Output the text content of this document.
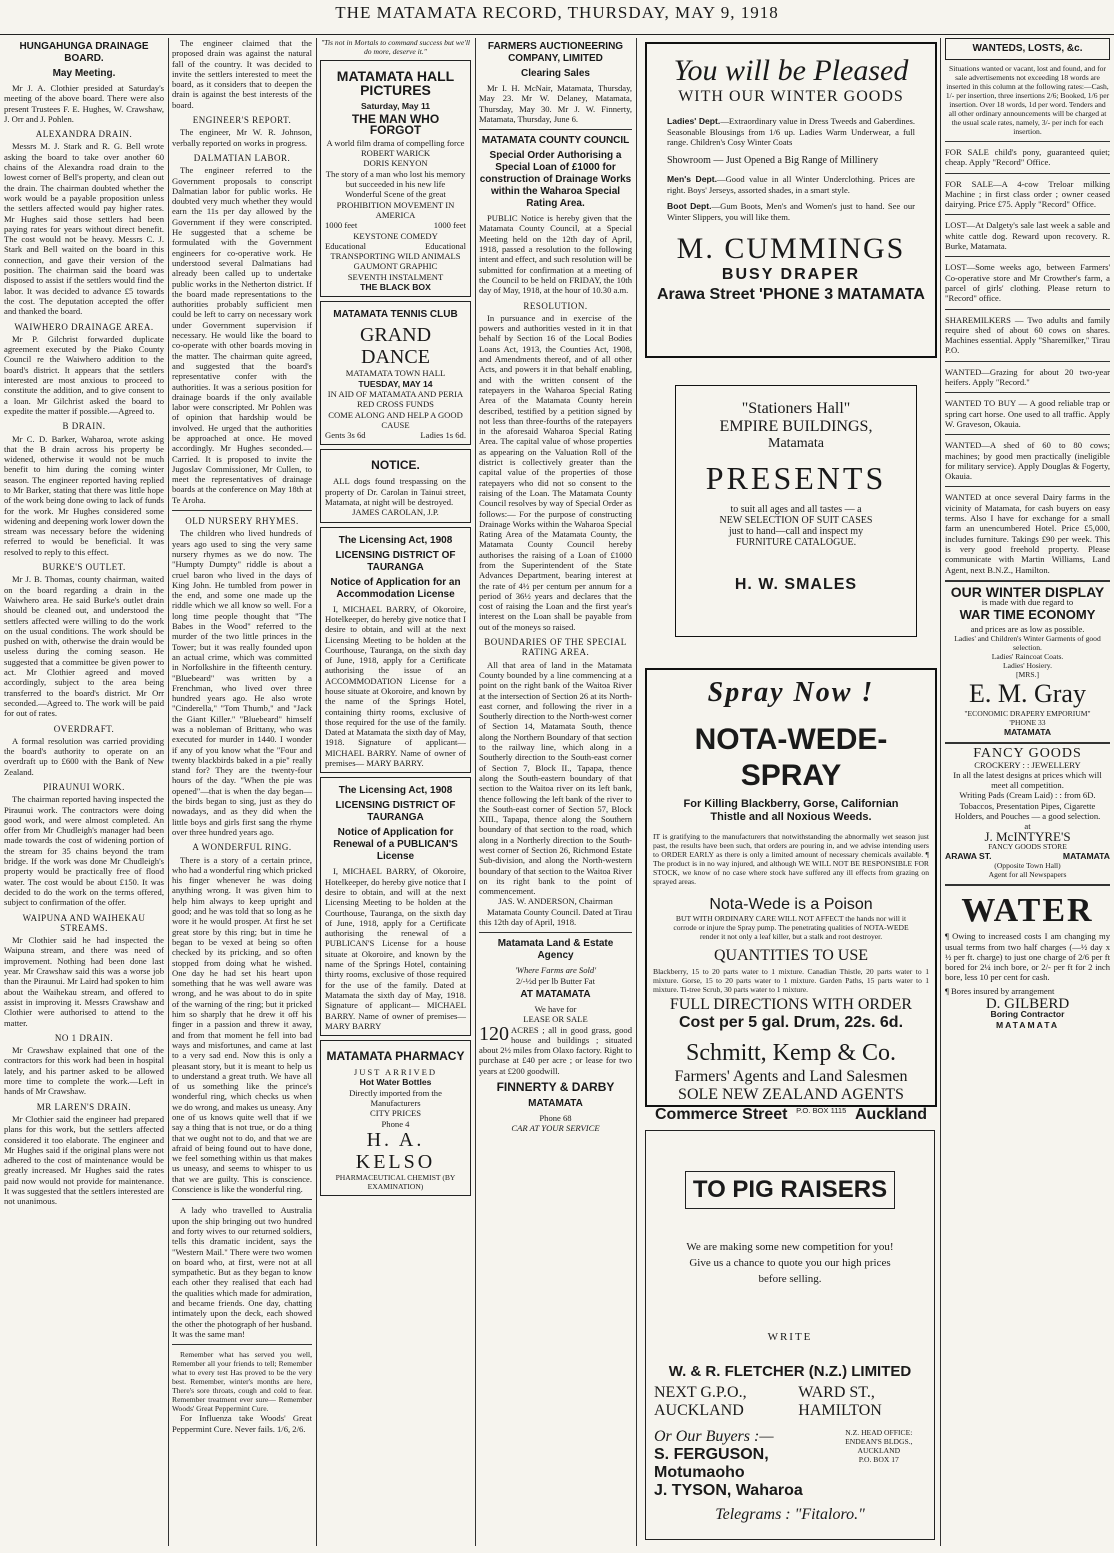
THE MATAMATA RECORD, THURSDAY, MAY 9, 1918
HUNGAHUNGA DRAINAGE BOARD.
May Meeting.

Mr J. A. Clothier presided at Saturday's meeting of the above board. There were also present Trustees F. E. Hughes, W. Crawshaw, J. Orr and J. Pohlen.

ALEXANDRA DRAIN.

Messrs M. J. Stark and R. G. Bell wrote asking the board to take over another 60 chains of the Alexandra road drain to the lowest corner of Bell's property, and clean out the drain. The chairman doubted whether the work would be a payable proposition unless the settlers affected would pay higher rates. Mr Hughes said those settlers had been paying rates for years without direct benefit. The cost would not be heavy. Messrs C. J. Stark and Bell waited on the board in this connection, and gave their version of the position. The chairman said the board was disposed to assist if the settlers would find the labor. It was decided to advance £5 towards the cost. The deputation accepted the offer and thanked the board.

WAIWHERO DRAINAGE AREA.

Mr P. Gilchrist forwarded duplicate agreement executed by the Piako County Council re the Waiwhero addition to the board's district. It appears that the settlers interested are most anxious to proceed to constitute the addition, and to give consent to a loan. Mr Gilchrist asked the board to expedite the matter if possible.—Agreed to.

B DRAIN.

Mr C. D. Barker, Waharoa, wrote asking that the B drain across his property be widened, otherwise it would not be much benefit to him during the coming winter season. The engineer reported having replied to Mr Barker, stating that there was little hope of the work being done owing to lack of funds for the work. Mr Hughes considered some widening and deepening work lower down the stream was necessary before the widening referred to would be beneficial. It was resolved to reply to this effect.

BURKE'S OUTLET.

Mr J. B. Thomas, county chairman, waited on the board regarding a drain in the Waiwhero area. He said Burke's outlet drain should be cleaned out, and understood the settlers affected were willing to do the work on the usual conditions. The work should be pushed on with, otherwise the drain would be useless during the coming season. He suggested that a committee be given power to act. Mr Clothier agreed and moved accordingly, subject to the area being transferred to the board's district. Mr Orr seconded.—Agreed to. The work will be paid for out of rates.

OVERDRAFT.

A formal resolution was carried providing the board's authority to operate on an overdraft up to £600 with the Bank of New Zealand.

PIRAUNUI WORK.

The chairman reported having inspected the Piraunui work. The contractors were doing good work, and were almost completed. An offer from Mr Chudleigh's manager had been made towards the cost of widening portion of the stream for 35 chains beyond the tram bridge. If the work was done Mr Chudleigh's property would be practically free of flood water. The cost would be about £150. It was decided to do the work on the terms offered, subject to confirmation of the offer.

WAIPUNA AND WAIHEKAU STREAMS.

Mr Clothier said he had inspected the Waipuna stream, and there was need of improvement. Nothing had been done last year. Mr Crawshaw said this was a worse job than the Piraunui. Mr Laird had spoken to him about the Waihekau stream, and offered to assist in improving it. Messrs Crawshaw and Clothier were authorised to attend to the matter.

NO 1 DRAIN.

Mr Crawshaw explained that one of the contractors for this work had been in hospital lately, and his partner asked to be allowed more time to complete the work.—Left in hands of Mr Crawshaw.

MR LAREN'S DRAIN.

Mr Clothier said the engineer had prepared plans for this work, but the settlers affected considered it too elaborate. The engineer and Mr Hughes said if the original plans were not adhered to the cost of maintenance would be greatly increased. Mr Hughes said the rates paid now would not provide for maintenance. It was suggested that the settlers interested are not unanimous.

The engineer claimed that the proposed drain was against the natural fall of the country. It was decided to invite the settlers interested to meet the board, as it considers that to deepen the drain is against the best interests of the board.

ENGINEER'S REPORT.

The engineer, Mr W. R. Johnson, verbally reported on works in progress.

DALMATIAN LABOR.

The engineer referred to the Government proposals to conscript Dalmatian labor for public works. He doubted very much whether they would earn the 11s per day allowed by the Government if they were conscripted. He suggested that a scheme be formulated with the Government engineers for co-operative work. He understood several Dalmatians had already been called up to undertake public works in the Netherton district. If the board made representations to the authorities probably sufficient men could be left to carry on necessary work under Government supervision if necessary. He would like the board to co-operate with other boards moving in the matter. The chairman quite agreed, and suggested that the board's representative confer with the authorities. It was a serious position for drainage boards if the only available labor were conscripted. Mr Pohlen was of opinion that hardship would be involved. He urged that the authorities be approached at once. He moved accordingly. Mr Hughes seconded.—Carried. It is proposed to invite the Jugoslav Commissioner, Mr Cullen, to meet the representatives of drainage boards at the conference on May 18th at Te Aroha.

OLD NURSERY RHYMES.

The children who lived hundreds of years ago used to sing the very same nursery rhymes as we do now. The "Humpty Dumpty" riddle is about a cruel baron who lived in the days of King John. He tumbled from power in the end, and some one made up the riddle which we all know so well. For a long time people thought that "The Babes in the Wood" referred to the murder of the two little princes in the Tower; but it was really founded upon an actual crime, which was committed in Norfolkshire in the fifteenth century. "Bluebeard" was written by a Frenchman, who lived over three hundred years ago. He also wrote "Cinderella," "Tom Thumb," and "Jack the Giant Killer." "Bluebeard" himself was a nobleman of Brittany, who was executed for murder in 1440. I wonder if any of you know what the "Four and twenty blackbirds baked in a pie" really stand for? They are the twenty-four hours of the day. "When the pie was opened"—that is when the day began—the birds began to sing, just as they do nowadays, and as they did when the little boys and girls first sang the rhyme over three hundred years ago.

A WONDERFUL RING.

There is a story of a certain prince, who had a wonderful ring which pricked his finger whenever he was doing anything wrong. It was given him to help him always to keep upright and good; and he was told that so long as he wore it he would prosper. At first he set great store by this ring; but in time he began to be vexed at being so often checked by its pricking, and so often stopped from doing what he wished. One day he had set his heart upon something that he was well aware was wrong, and he was about to do in spite of the warning of the ring; but it pricked him so sharply that he drew it off his finger in a passion and threw it away, and from that moment he fell into bad ways and misfortunes, and came at last to a very sad end. Now this is only a pleasant story, but it is meant to help us to understand a great truth. We have all of us something like the prince's wonderful ring, which checks us when we do wrong, and makes us uneasy. Any one of us knows quite well that if we say a thing that is not true, or do a thing that we ought not to do, and that we are afraid of being found out to have done, we feel something within us that makes us uneasy, and seems to whisper to us that we are guilty. This is conscience. Conscience is like the wonderful ring.

A lady who travelled to Australia upon the ship bringing out two hundred and forty wives to our returned soldiers, tells this dramatic incident, says the "Western Mail." There were two women on board who, at first, were not at all sympathetic. But as they began to know each other they realised that each had the qualities which made for admiration, and became friends. One day, chatting intimately upon the deck, each showed the other the photograph of her husband. It was the same man!

Remember what has served you well, Remember all your friends to tell; Remember what to every test Has proved to be the very best. Remember, winter's months are here, There's sore throats, cough and cold to fear. Remember treatment ever sure— Remember Woods' Great Peppermint Cure.

For Influenza take Woods' Great Peppermint Cure. Never fails. 1/6, 2/6.

"Tis not in Mortals to command success but we'll do more, deserve it."
MATAMATA HALL PICTURES
Saturday, May 11
THE MAN WHO FORGOT
A world film drama of compelling force
ROBERT WARICK
DORIS KENYON
The story of a man who lost his memory but succeeded in his new life
Wonderful Scene of the great PROHIBITION MOVEMENT IN AMERICA
1000 feet	1000 feet
KEYSTONE COMEDY
Educational	Educational
TRANSPORTING WILD ANIMALS
GAUMONT GRAPHIC
SEVENTH INSTALMENT
THE BLACK BOX
MATAMATA TENNIS CLUB
GRAND DANCE
MATAMATA TOWN HALL
TUESDAY, MAY 14
IN AID OF MATAMATA AND PERIA RED CROSS FUNDS
COME ALONG AND HELP A GOOD CAUSE
Gents 3s 6d	Ladies 1s 6d.
NOTICE.

ALL dogs found trespassing on the property of Dr. Carolan in Tainui street, Matamata, at night will be destroyed.

JAMES CAROLAN, J.P.
The Licensing Act, 1908
LICENSING DISTRICT OF TAURANGA
Notice of Application for an Accommodation License

I, MICHAEL BARRY, of Okoroire, Hotelkeeper, do hereby give notice that I desire to obtain, and will at the next Licensing Meeting to be holden at the Courthouse, Tauranga, on the sixth day of June, 1918, apply for a Certificate authorising the issue of an ACCOMMODATION License for a house situate at Okoroire, and known by the name of the Springs Hotel, containing thirty rooms, exclusive of those required for the use of the family. Dated at Matamata the sixth day of May, 1918. Signature of applicant— MICHAEL BARRY. Name of owner of premises— MARY BARRY.

The Licensing Act, 1908
LICENSING DISTRICT OF TAURANGA
Notice of Application for Renewal of a PUBLICAN'S License

I, MICHAEL BARRY, of Okoroire, Hotelkeeper, do hereby give notice that I desire to obtain, and will at the next Licensing Meeting to be holden at the Courthouse, Tauranga, on the sixth day of June, 1918, apply for a Certificate authorising the renewal of a PUBLICAN'S License for a house situate at Okoroire, and known by the name of the Springs Hotel, containing thirty rooms, exclusive of those required for the use of the family. Dated at Matamata the sixth day of May, 1918. Signature of applicant— MICHAEL BARRY. Name of owner of premises— MARY BARRY

MATAMATA PHARMACY
JUST ARRIVED
Hot Water Bottles
Directly imported from the Manufacturers
CITY PRICES
Phone 4
H. A. KELSO
PHARMACEUTICAL CHEMIST (BY EXAMINATION)
FARMERS AUCTIONEERING COMPANY, LIMITED
Clearing Sales

Mr I. H. McNair, Matamata, Thursday, May 23. Mr W. Delaney, Matamata, Thursday, May 30. Mr J. W. Finnerty, Matamata, Thursday, June 6.

MATAMATA COUNTY COUNCIL
Special Order Authorising a Special Loan of £1000 for construction of Drainage Works within the Waharoa Special Rating Area.

PUBLIC Notice is hereby given that the Matamata County Council, at a Special Meeting held on the 12th day of April, 1918, passed a resolution to the following intent and effect, and such resolution will be submitted for confirmation at a meeting of the Council to be held on FRIDAY, the 10th day of May, 1918, at the hour of 10.30 a.m.

RESOLUTION.

In pursuance and in exercise of the powers and authorities vested in it in that behalf by Section 16 of the Local Bodies Loans Act, 1913, the Counties Act, 1908, and Amendments thereof, and of all other Acts, and powers it in that behalf enabling, and with the written consent of the ratepayers in the Waharoa Special Rating Area of the Matamata County herein described, testified by a petition signed by not less than three-fourths of the ratepayers in the aforesaid Waharoa Special Rating Area. The capital value of whose properties as appearing on the Valuation Roll of the district is collectively greater than the capital value of the properties of those ratepayers who did not so consent to the raising of the Loan. The Matamata County Council resolves by way of Special Order as follows:— For the purpose of constructing Drainage Works within the Waharoa Special Rating Area of the Matamata County, the Matamata County Council hereby authorises the raising of a Loan of £1000 from the Superintendent of the State Advances Department, bearing interest at the rate of 4½ per centum per annum for a period of 36½ years and declares that the cost of raising the Loan and the first year's interest on the Loan shall be payable from out of the moneys so raised.

BOUNDARIES OF THE SPECIAL RATING AREA.

All that area of land in the Matamata County bounded by a line commencing at a point on the right bank of the Waitoa River at the intersection of Section 26 at its North-east corner, and following the river in a Southerly direction to the North-west corner of Section 14, Matamata South, thence along the Northern Boundary of that section to the railway line, which along in a Southerly direction to the South-east corner of Section 7, Block II., Tapapa, thence along the South-eastern boundary of that section to the Waitoa river on its left bank, thence following the left bank of the river to the South-east corner of Section 57, Block XIII., Tapapa, thence along the Southern boundary of that section to the road, which along in a Northerly direction to the South-west corner of Section 26, Richmond Estate Sub-division, and along the North-western boundary of that section to the Waitoa River on its right bank to the point of commencement.

JAS. W. ANDERSON, Chairman

Matamata County Council. Dated at Tirau this 12th day of April, 1918.

Matamata Land & Estate Agency
'Where Farms are Sold'
2/-½d per lb Butter Fat
AT MATAMATA
We have for
LEASE OR SALE

120 ACRES ; all in good grass, good house and buildings ; situated about 2½ miles from Olaxo factory. Right to purchase at £40 per acre ; or lease for two years at £200 goodwill.

FINNERTY & DARBY
MATAMATA
Phone 68
CAR AT YOUR SERVICE
You will be Pleased
WITH OUR WINTER GOODS

Ladies' Dept.—Extraordinary value in Dress Tweeds and Gaberdines. Seasonable Blousings from 1/6 up. Ladies Warm Underwear, a full range. Children's Cosy Winter Coats

Showroom — Just Opened a Big Range of Millinery

Men's Dept.—Good value in all Winter Underclothing. Prices are right. Boys' Jerseys, assorted shades, in a smart style.

Boot Dept.—Gum Boots, Men's and Women's just to hand. See our Winter Slippers, you will like them.

M. CUMMINGS
BUSY DRAPER
Arawa Street 'PHONE 3 MATAMATA
"Stationers Hall"
EMPIRE BUILDINGS,
Matamata
PRESENTS
to suit all ages and all tastes — a
NEW SELECTION OF SUIT CASES
just to hand—call and inspect my
FURNITURE CATALOGUE.
H. W. SMALES
Spray Now !
NOTA-WEDE-SPRAY
For Killing Blackberry, Gorse, Californian Thistle and all Noxious Weeds.

IT is gratifying to the manufacturers that notwithstanding the abnormally wet season just past, the results have been such, that orders are pouring in, and we advise intending users to ORDER EARLY as there is only a limited amount of necessary chemicals available. ¶ The product is in no way injured, and although WE WILL NOT BE RESPONSIBLE FOR STOCK, we know of no case where stock have suffered any ill effects from grazing on sprayed areas.

Nota-Wede is a Poison
BUT WITH ORDINARY CARE WILL NOT AFFECT the hands nor will it corrode or injure the Spray pump. The penetrating qualities of NOTA-WEDE render it not only a leaf killer, but a stalk and root destroyer.
QUANTITIES TO USE

Blackberry, 15 to 20 parts water to 1 mixture. Canadian Thistle, 20 parts water to 1 mixture. Gorse, 15 to 20 parts water to 1 mixture. Garden Paths, 15 parts water to 1 mixture. Ti-tree Scrub, 30 parts water to 1 mixture.

FULL DIRECTIONS WITH ORDER
Cost per 5 gal. Drum, 22s. 6d.
Schmitt, Kemp & Co.
Farmers' Agents and Land Salesmen
SOLE NEW ZEALAND AGENTS
Commerce Street P.O. BOX 1115 Auckland
TO PIG RAISERS
We are making some new competition for you! Give us a chance to quote you our high prices before selling.
WRITE
W. & R. FLETCHER (N.Z.) LIMITED
NEXT G.P.O., AUCKLAND
WARD ST., HAMILTON
Or Our Buyers :—
S. FERGUSON, Motumaoho
J. TYSON, Waharoa
N.Z. HEAD OFFICE:
ENDEAN'S BLDGS., AUCKLAND
P.O. BOX 17
Telegrams : "Fitaloro."
WANTEDS, LOSTS, &c.

Situations wanted or vacant, lost and found, and for sale advertisements not exceeding 18 words are inserted in this column at the following rates:—Cash, 1/- per insertion, three insertions 2/6; Booked, 1/6 per insertion. Over 18 words, 1d per word. Tenders and all other ordinary announcements will be charged at the usual scale rates, namely, 3/- per inch for each insertion.

FOR SALE child's pony, guaranteed quiet; cheap. Apply "Record" Office.

FOR SALE—A 4-cow Treloar milking Machine ; in first class order ; owner ceased dairying. Price £75. Apply "Record" Office.

LOST—At Dalgety's sale last week a sable and white cattle dog. Reward upon recovery. R. Burke, Matamata.

LOST—Some weeks ago, between Farmers' Co-operative store and Mr Crowther's farm, a parcel of girls' clothing. Please return to "Record" office.

SHAREMILKERS — Two adults and family require shed of about 60 cows on shares. Machines essential. Apply "Sharemilker," Tirau P.O.

WANTED—Grazing for about 20 two-year heifers. Apply "Record."

WANTED TO BUY — A good reliable trap or spring cart horse. One used to all traffic. Apply W. Graveson, Okauia.

WANTED—A shed of 60 to 80 cows; machines; by good men practically (ineligible for military service). Apply Douglas & Fogerty, Okauia.

WANTED at once several Dairy farms in the vicinity of Matamata, for cash buyers on easy terms. Also I have for exchange for a small farm an unencumbered Hotel. Price £5,000, includes furniture. Takings £90 per week. This is very good freehold property. Please communicate with Martin Williams, Land Agent, next B.N.Z., Hamilton.

OUR WINTER DISPLAY
is made with due regard to
WAR TIME ECONOMY
and prices are as low as possible.
Ladies' and Children's Winter Garments of good selection.
Ladies' Raincoat Coats.
Ladies' Hosiery.
[MRS.]
E. M. Gray
"ECONOMIC DRAPERY EMPORIUM"
'PHONE 33
MATAMATA
FANCY GOODS
CROCKERY : : JEWELLERY
In all the latest designs at prices which will meet all competition.
Writing Pads (Cream Laid) : : from 6D.
Tobaccos, Presentation Pipes, Cigarette Holders, and Pouches — a good selection.
at
J. McINTYRE'S
FANCY GOODS STORE
ARAWA ST.	MATAMATA
(Opposite Town Hall)
Agent for all Newspapers
WATER

¶ Owing to increased costs I am changing my usual terms from two half charges (—½ day x ½ per ft. charge) to just one charge of 2/6 per ft bored for 2¼ inch bore, or 2/- per ft for 2 inch bore, less 10 per cent for cash.

¶ Bores insured by arrangement

D. GILBERD
Boring Contractor
MATAMATA
